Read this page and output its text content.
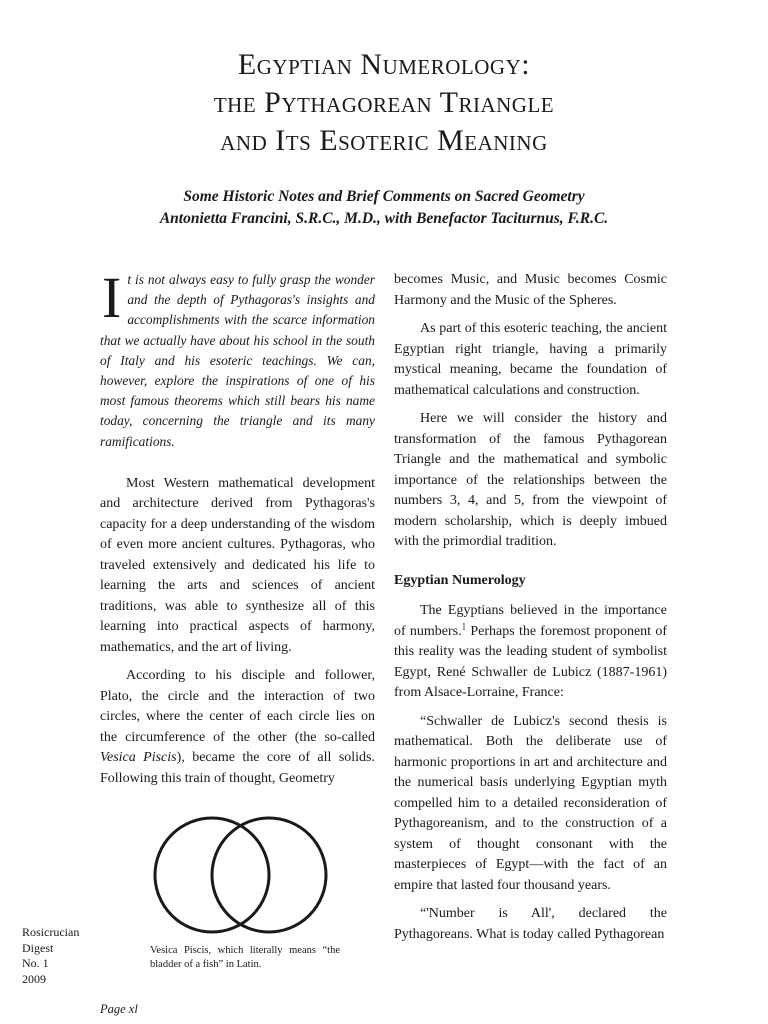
Egyptian Numerology:
the Pythagorean Triangle
and Its Esoteric Meaning
Some Historic Notes and Brief Comments on Sacred Geometry
Antonietta Francini, S.R.C., M.D., with Benefactor Taciturnus, F.R.C.

It is not always easy to fully grasp the wonder and the depth of Pythagoras's insights and accomplishments with the scarce information that we actually have about his school in the south of Italy and his esoteric teachings. We can, however, explore the inspirations of one of his most famous theorems which still bears his name today, concerning the triangle and its many ramifications.

Most Western mathematical development and architecture derived from Pythagoras's capacity for a deep understanding of the wisdom of even more ancient cultures. Pythagoras, who traveled extensively and dedicated his life to learning the arts and sciences of ancient traditions, was able to synthesize all of this learning into practical aspects of harmony, mathematics, and the art of living.

According to his disciple and follower, Plato, the circle and the interaction of two circles, where the center of each circle lies on the circumference of the other (the so-called Vesica Piscis), became the core of all solids. Following this train of thought, Geometry

Vesica Piscis, which literally means “the bladder of a fish” in Latin.

becomes Music, and Music becomes Cosmic Harmony and the Music of the Spheres.

As part of this esoteric teaching, the ancient Egyptian right triangle, having a primarily mystical meaning, became the foundation of mathematical calculations and construction.

Here we will consider the history and transformation of the famous Pythagorean Triangle and the mathematical and symbolic importance of the relationships between the numbers 3, 4, and 5, from the viewpoint of modern scholarship, which is deeply imbued with the primordial tradition.

Egyptian Numerology

The Egyptians believed in the importance of numbers.$^1$ Perhaps the foremost proponent of this reality was the leading student of symbolist Egypt, René Schwaller de Lubicz (1887-1961) from Alsace-Lorraine, France:

“Schwaller de Lubicz's second thesis is mathematical. Both the deliberate use of harmonic proportions in art and architecture and the numerical basis underlying Egyptian myth compelled him to a detailed reconsideration of Pythagoreanism, and to the construction of a system of thought consonant with the masterpieces of Egypt—with the fact of an empire that lasted four thousand years.

“'Number is All', declared the Pythagoreans. What is today called Pythagorean

Rosicrucian
Digest
No. 1
2009
Page xl
